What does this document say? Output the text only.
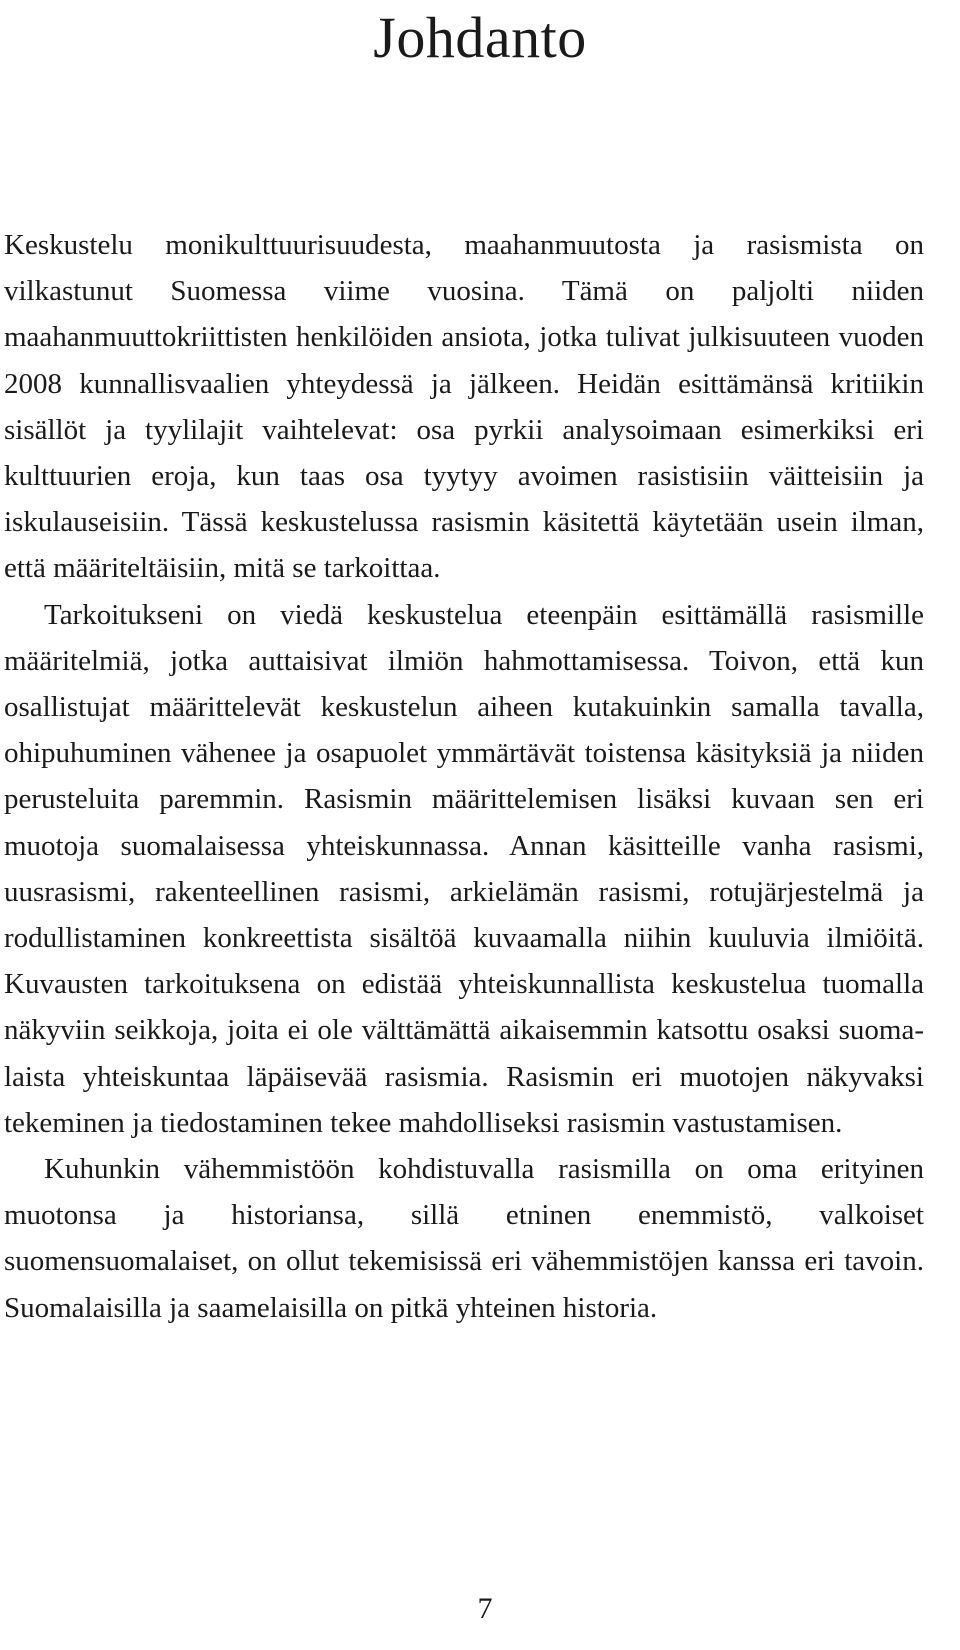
Johdanto

Keskustelu monikulttuurisuudesta, maahanmuutosta ja rasismista on vilkastunut Suomessa viime vuosina. Tämä on paljolti niiden maahanmuuttokriittisten henkilöiden ansiota, jotka tulivat julkisuuteen vuoden 2008 kunnallisvaalien yhteydessä ja jälkeen. Heidän esittämänsä kritiikin sisällöt ja tyylilajit vaihtelevat: osa pyrkii analysoimaan esimerkiksi eri kulttuurien eroja, kun taas osa tyytyy avoimen rasistisiin väitteisiin ja iskulauseisiin. Tässä keskustelussa rasismin käsitettä käytetään usein ilman, että määriteltäisiin, mitä se tarkoittaa.

Tarkoitukseni on viedä keskustelua eteenpäin esittämällä rasismille määritelmiä, jotka auttaisivat ilmiön hahmottamisessa. Toivon, että kun osallistujat määrittelevät keskustelun aiheen kutakuinkin samalla tavalla, ohipuhuminen vähenee ja osapuolet ymmärtävät toistensa käsityksiä ja niiden perusteluita paremmin. Rasismin määrittelemisen lisäksi kuvaan sen eri muotoja suomalaisessa yhteiskunnassa. Annan käsitteille vanha rasismi, uusrasismi, rakenteellinen rasismi, arkielämän rasismi, rotujärjestelmä ja rodullistaminen konkreettista sisältöä kuvaamalla niihin kuuluvia ilmiöitä. Kuvausten tarkoituksena on edistää yhteiskunnallista keskustelua tuomalla näkyviin seikkoja, joita ei ole välttämättä aikaisemmin katsottu osaksi suomalaista yhteiskuntaa läpäisevää rasismia. Rasismin eri muotojen näkyvaksi tekeminen ja tiedostaminen tekee mahdolliseksi rasismin vastustamisen.

Kuhunkin vähemmistöön kohdistuvalla rasismilla on oma erityinen muotonsa ja historiansa, sillä etninen enemmistö, valkoiset suomensuomalaiset, on ollut tekemisissä eri vähemmistöjen kanssa eri tavoin. Suomalaisilla ja saamelaisilla on pitkä yhteinen historia.

7
